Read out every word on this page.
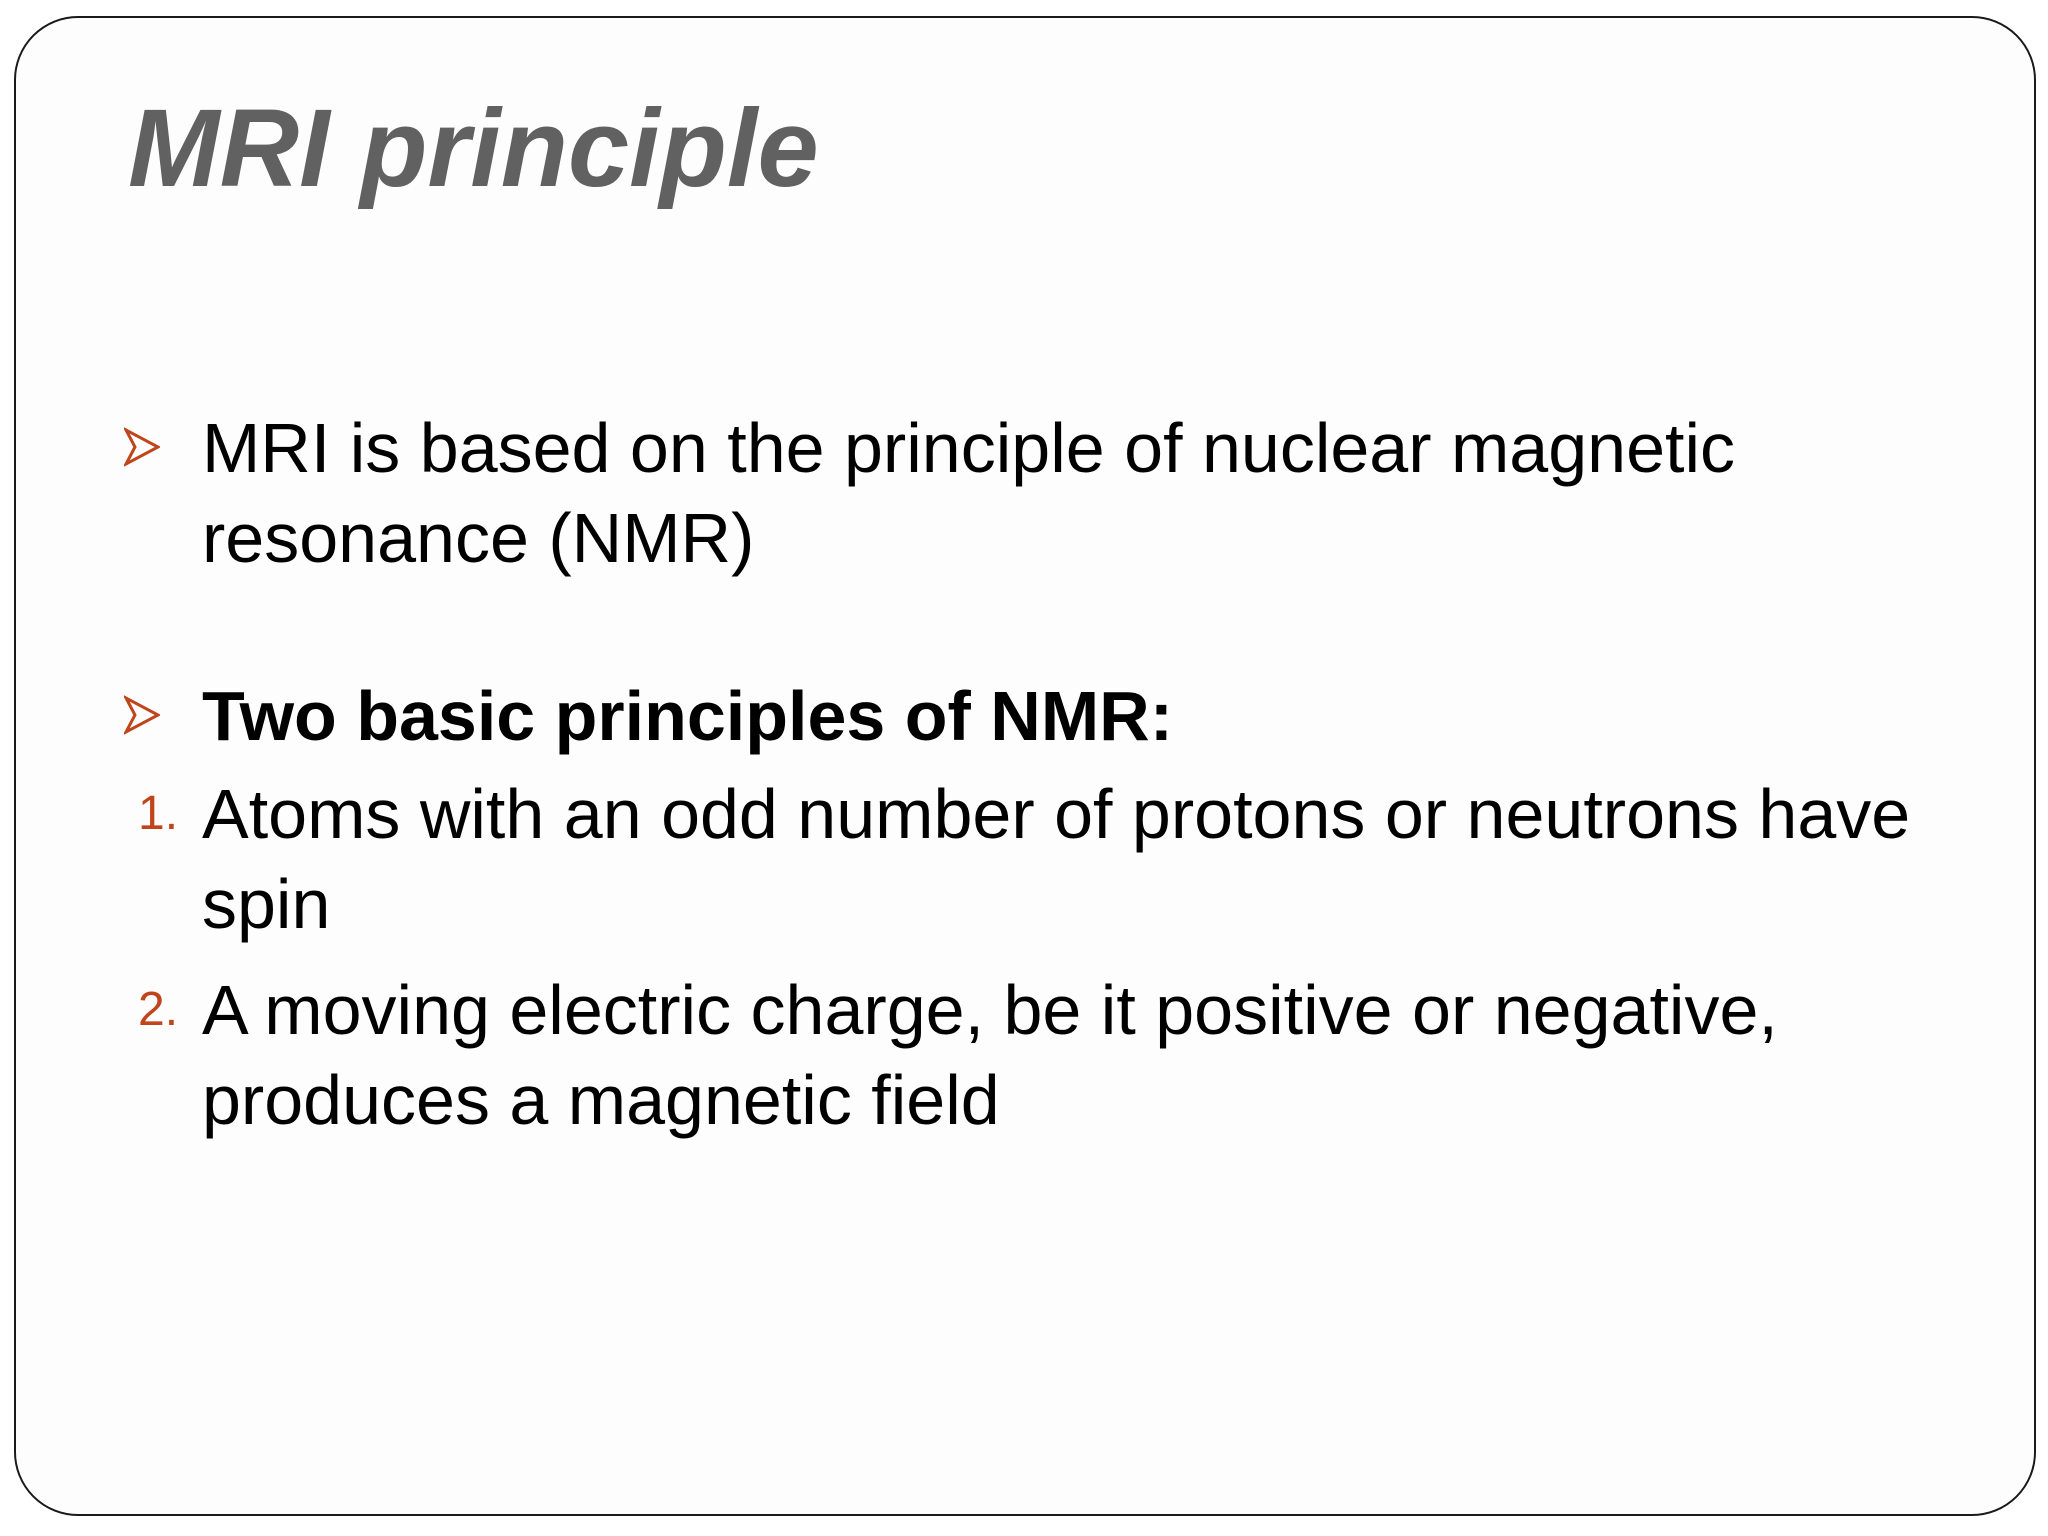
MRI principle
MRI is based on the principle of nuclear magnetic resonance (NMR)
Two basic principles of NMR:
1. Atoms with an odd number of protons or neutrons have spin
2. A moving electric charge, be it positive or negative, produces a magnetic field
